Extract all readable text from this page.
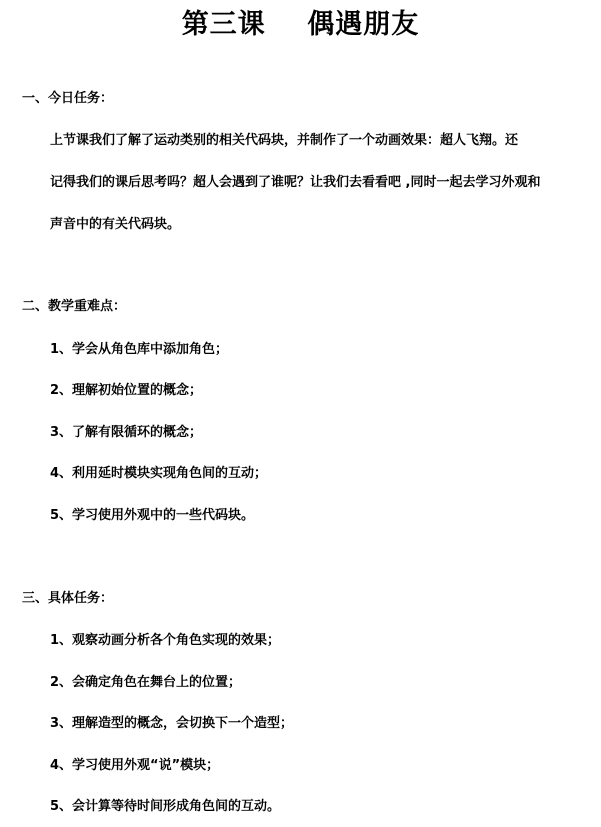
第三课    偶遇朋友
一、今日任务：
上节课我们了解了运动类别的相关代码块，并制作了一个动画效果：超人飞翔。还
记得我们的课后思考吗？超人会遇到了谁呢？让我们去看看吧 ,同时一起去学习外观和
声音中的有关代码块。
二、教学重难点：
1、学会从角色库中添加角色；
2、理解初始位置的概念；
3、了解有限循环的概念；
4、利用延时模块实现角色间的互动；
5、学习使用外观中的一些代码块。
三、具体任务：
1、观察动画分析各个角色实现的效果；
2、会确定角色在舞台上的位置；
3、理解造型的概念，会切换下一个造型；
4、学习使用外观“说”模块；
5、会计算等待时间形成角色间的互动。
